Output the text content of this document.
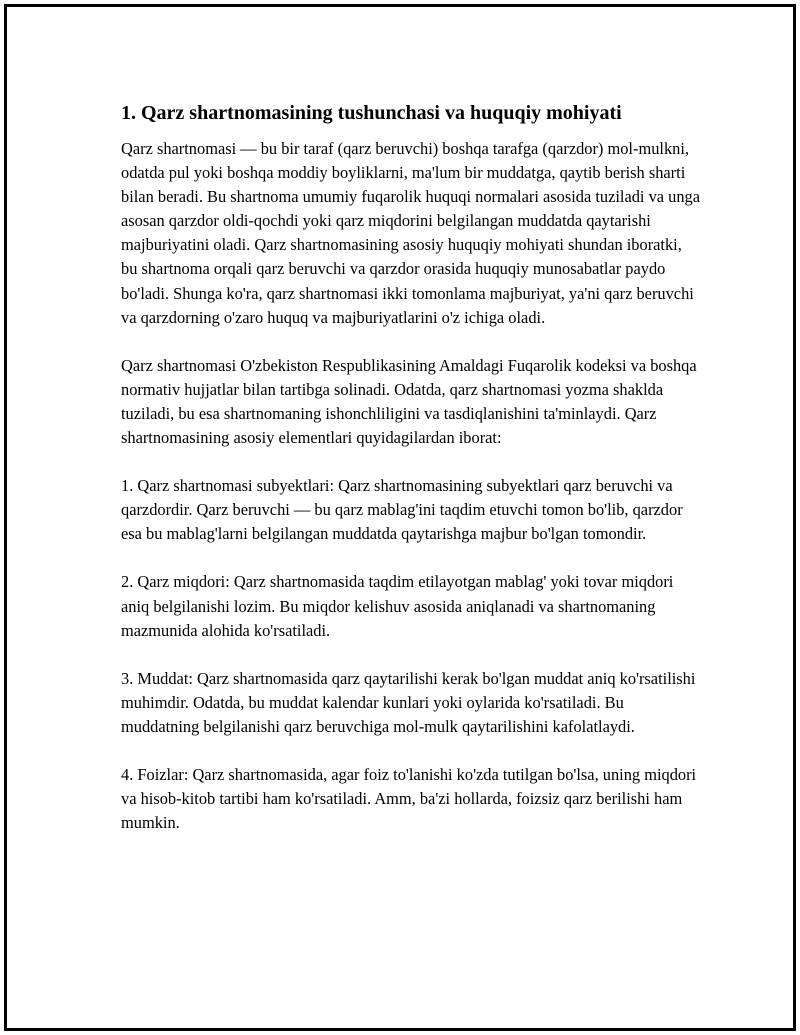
1. Qarz shartnomasining tushunchasi va huquqiy mohiyati

Qarz shartnomasi — bu bir taraf (qarz beruvchi) boshqa tarafga (qarzdor) mol-mulkni, odatda pul yoki boshqa moddiy boyliklarni, ma'lum bir muddatga, qaytib berish sharti bilan beradi. Bu shartnoma umumiy fuqarolik huquqi normalari asosida tuziladi va unga asosan qarzdor oldi-qochdi yoki qarz miqdorini belgilangan muddatda qaytarishi majburiyatini oladi. Qarz shartnomasining asosiy huquqiy mohiyati shundan iboratki, bu shartnoma orqali qarz beruvchi va qarzdor orasida huquqiy munosabatlar paydo bo'ladi. Shunga ko'ra, qarz shartnomasi ikki tomonlama majburiyat, ya'ni qarz beruvchi va qarzdorning o'zaro huquq va majburiyatlarini o'z ichiga oladi.

Qarz shartnomasi O'zbekiston Respublikasining Amaldagi Fuqarolik kodeksi va boshqa normativ hujjatlar bilan tartibga solinadi. Odatda, qarz shartnomasi yozma shaklda tuziladi, bu esa shartnomaning ishonchliligini va tasdiqlanishini ta'minlaydi. Qarz shartnomasining asosiy elementlari quyidagilardan iborat:

1. Qarz shartnomasi subyektlari: Qarz shartnomasining subyektlari qarz beruvchi va qarzdordir. Qarz beruvchi — bu qarz mablag'ini taqdim etuvchi tomon bo'lib, qarzdor esa bu mablag'larni belgilangan muddatda qaytarishga majbur bo'lgan tomondir.

2. Qarz miqdori: Qarz shartnomasida taqdim etilayotgan mablag' yoki tovar miqdori aniq belgilanishi lozim. Bu miqdor kelishuv asosida aniqlanadi va shartnomaning mazmunida alohida ko'rsatiladi.

3. Muddat: Qarz shartnomasida qarz qaytarilishi kerak bo'lgan muddat aniq ko'rsatilishi muhimdir. Odatda, bu muddat kalendar kunlari yoki oylarida ko'rsatiladi. Bu muddatning belgilanishi qarz beruvchiga mol-mulk qaytarilishini kafolatlaydi.

4. Foizlar: Qarz shartnomasida, agar foiz to'lanishi ko'zda tutilgan bo'lsa, uning miqdori va hisob-kitob tartibi ham ko'rsatiladi. Amm, ba'zi hollarda, foizsiz qarz berilishi ham mumkin.
